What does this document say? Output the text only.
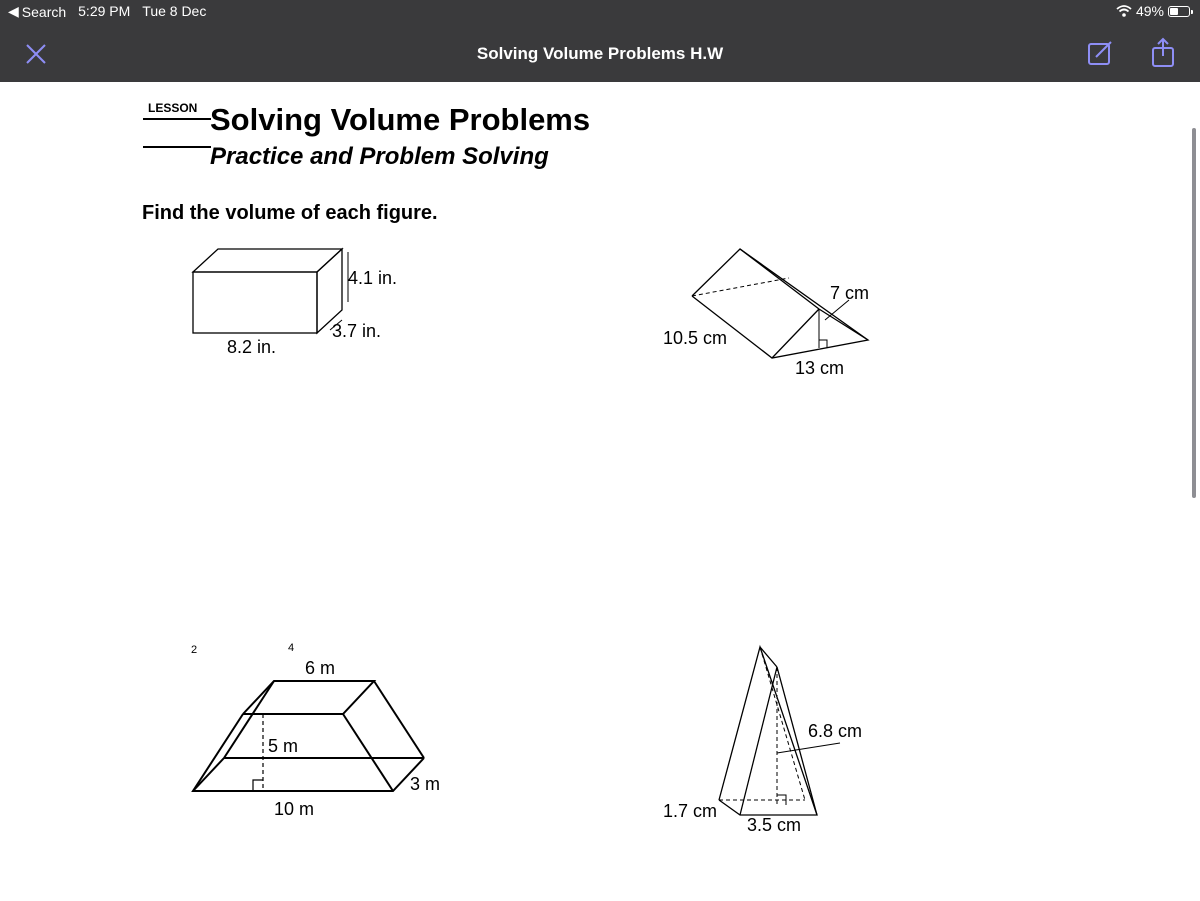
◀ Search 5:29 PM Tue 8 Dec	49%
Solving Volume Problems H.W
LESSON Solving Volume Problems
Practice and Problem Solving
Find the volume of each figure.
4.1 in.
3.7 in.
8.2 in.
7 cm
10.5 cm
13 cm
2	4
6 m
5 m
3 m
10 m
6.8 cm
1.7 cm
3.5 cm
